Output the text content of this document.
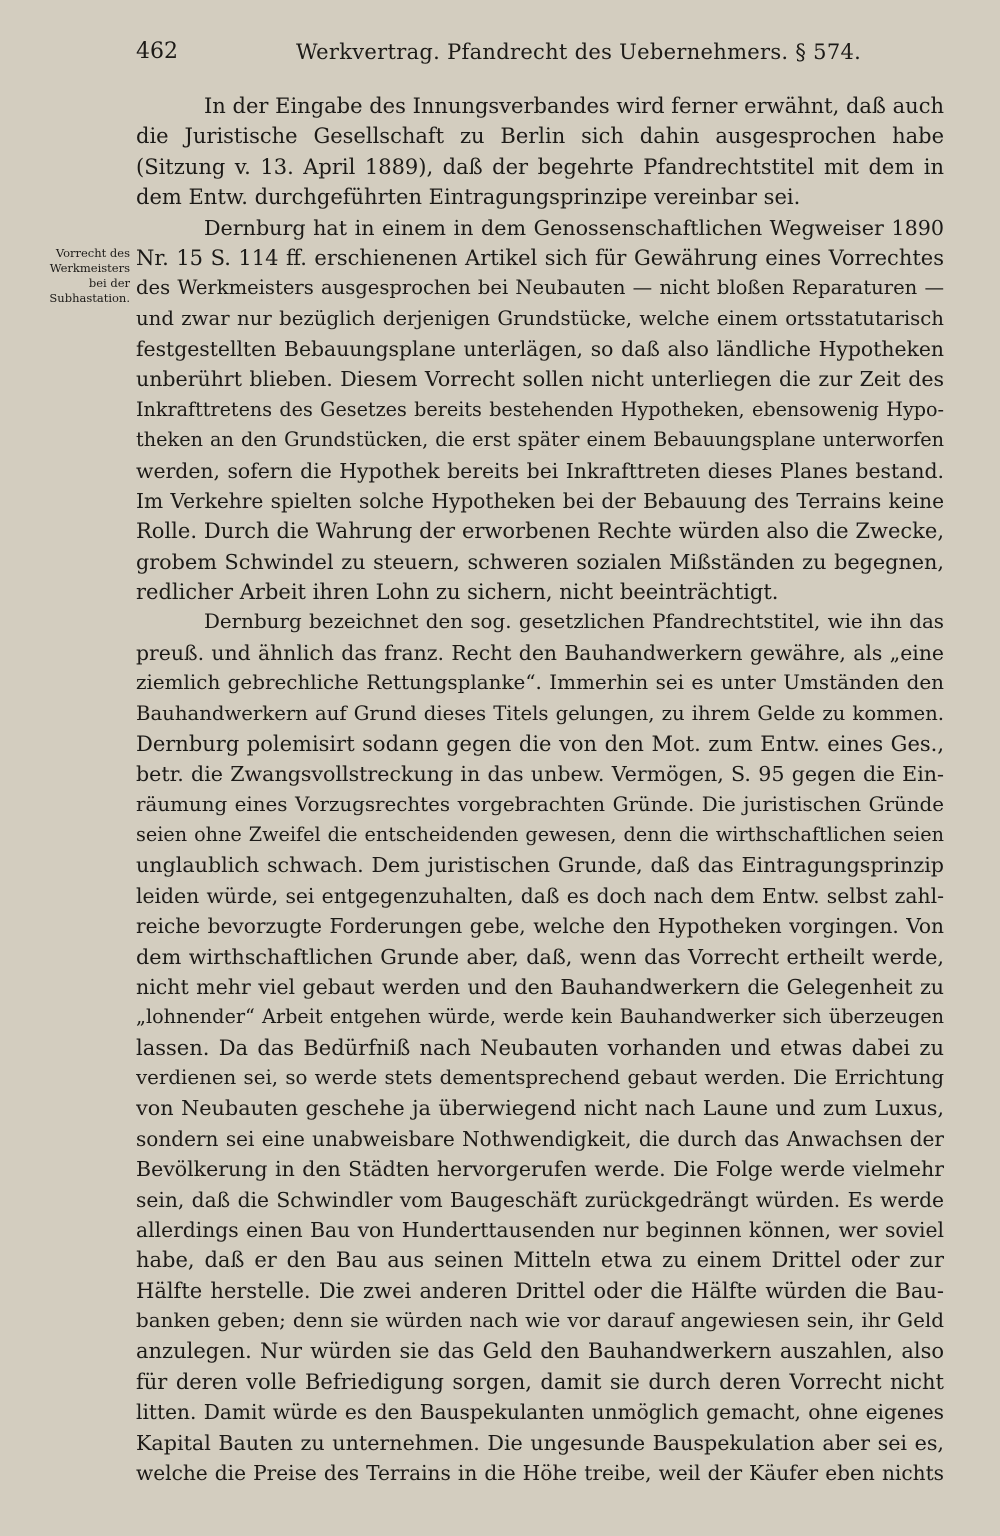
462	Werkvertrag. Pfandrecht des Uebernehmers. § 574.
Vorrecht des
Werkmeisters
bei der
Subhastation.
In der Eingabe des Innungsverbandes wird ferner erwähnt, daß auch
die Juristische Gesellschaft zu Berlin sich dahin ausgesprochen habe
(Sitzung v. 13. April 1889), daß der begehrte Pfandrechtstitel mit dem in
dem Entw. durchgeführten Eintragungsprinzipe vereinbar sei.
Dernburg hat in einem in dem Genossenschaftlichen Wegweiser 1890
Nr. 15 S. 114 ff. erschienenen Artikel sich für Gewährung eines Vorrechtes
des Werkmeisters ausgesprochen bei Neubauten — nicht bloßen Reparaturen —
und zwar nur bezüglich derjenigen Grundstücke, welche einem ortsstatutarisch
festgestellten Bebauungsplane unterlägen, so daß also ländliche Hypotheken
unberührt blieben. Diesem Vorrecht sollen nicht unterliegen die zur Zeit des
Inkrafttretens des Gesetzes bereits bestehenden Hypotheken, ebensowenig Hypo-
theken an den Grundstücken, die erst später einem Bebauungsplane unterworfen
werden, sofern die Hypothek bereits bei Inkrafttreten dieses Planes bestand.
Im Verkehre spielten solche Hypotheken bei der Bebauung des Terrains keine
Rolle. Durch die Wahrung der erworbenen Rechte würden also die Zwecke,
grobem Schwindel zu steuern, schweren sozialen Mißständen zu begegnen,
redlicher Arbeit ihren Lohn zu sichern, nicht beeinträchtigt.
Dernburg bezeichnet den sog. gesetzlichen Pfandrechtstitel, wie ihn das
preuß. und ähnlich das franz. Recht den Bauhandwerkern gewähre, als „eine
ziemlich gebrechliche Rettungsplanke“. Immerhin sei es unter Umständen den
Bauhandwerkern auf Grund dieses Titels gelungen, zu ihrem Gelde zu kommen.
Dernburg polemisirt sodann gegen die von den Mot. zum Entw. eines Ges.,
betr. die Zwangsvollstreckung in das unbew. Vermögen, S. 95 gegen die Ein-
räumung eines Vorzugsrechtes vorgebrachten Gründe. Die juristischen Gründe
seien ohne Zweifel die entscheidenden gewesen, denn die wirthschaftlichen seien
unglaublich schwach. Dem juristischen Grunde, daß das Eintragungsprinzip
leiden würde, sei entgegenzuhalten, daß es doch nach dem Entw. selbst zahl-
reiche bevorzugte Forderungen gebe, welche den Hypotheken vorgingen. Von
dem wirthschaftlichen Grunde aber, daß, wenn das Vorrecht ertheilt werde,
nicht mehr viel gebaut werden und den Bauhandwerkern die Gelegenheit zu
„lohnender“ Arbeit entgehen würde, werde kein Bauhandwerker sich überzeugen
lassen. Da das Bedürfniß nach Neubauten vorhanden und etwas dabei zu
verdienen sei, so werde stets dementsprechend gebaut werden. Die Errichtung
von Neubauten geschehe ja überwiegend nicht nach Laune und zum Luxus,
sondern sei eine unabweisbare Nothwendigkeit, die durch das Anwachsen der
Bevölkerung in den Städten hervorgerufen werde. Die Folge werde vielmehr
sein, daß die Schwindler vom Baugeschäft zurückgedrängt würden. Es werde
allerdings einen Bau von Hunderttausenden nur beginnen können, wer soviel
habe, daß er den Bau aus seinen Mitteln etwa zu einem Drittel oder zur
Hälfte herstelle. Die zwei anderen Drittel oder die Hälfte würden die Bau-
banken geben; denn sie würden nach wie vor darauf angewiesen sein, ihr Geld
anzulegen. Nur würden sie das Geld den Bauhandwerkern auszahlen, also
für deren volle Befriedigung sorgen, damit sie durch deren Vorrecht nicht
litten. Damit würde es den Bauspekulanten unmöglich gemacht, ohne eigenes
Kapital Bauten zu unternehmen. Die ungesunde Bauspekulation aber sei es,
welche die Preise des Terrains in die Höhe treibe, weil der Käufer eben nichts
